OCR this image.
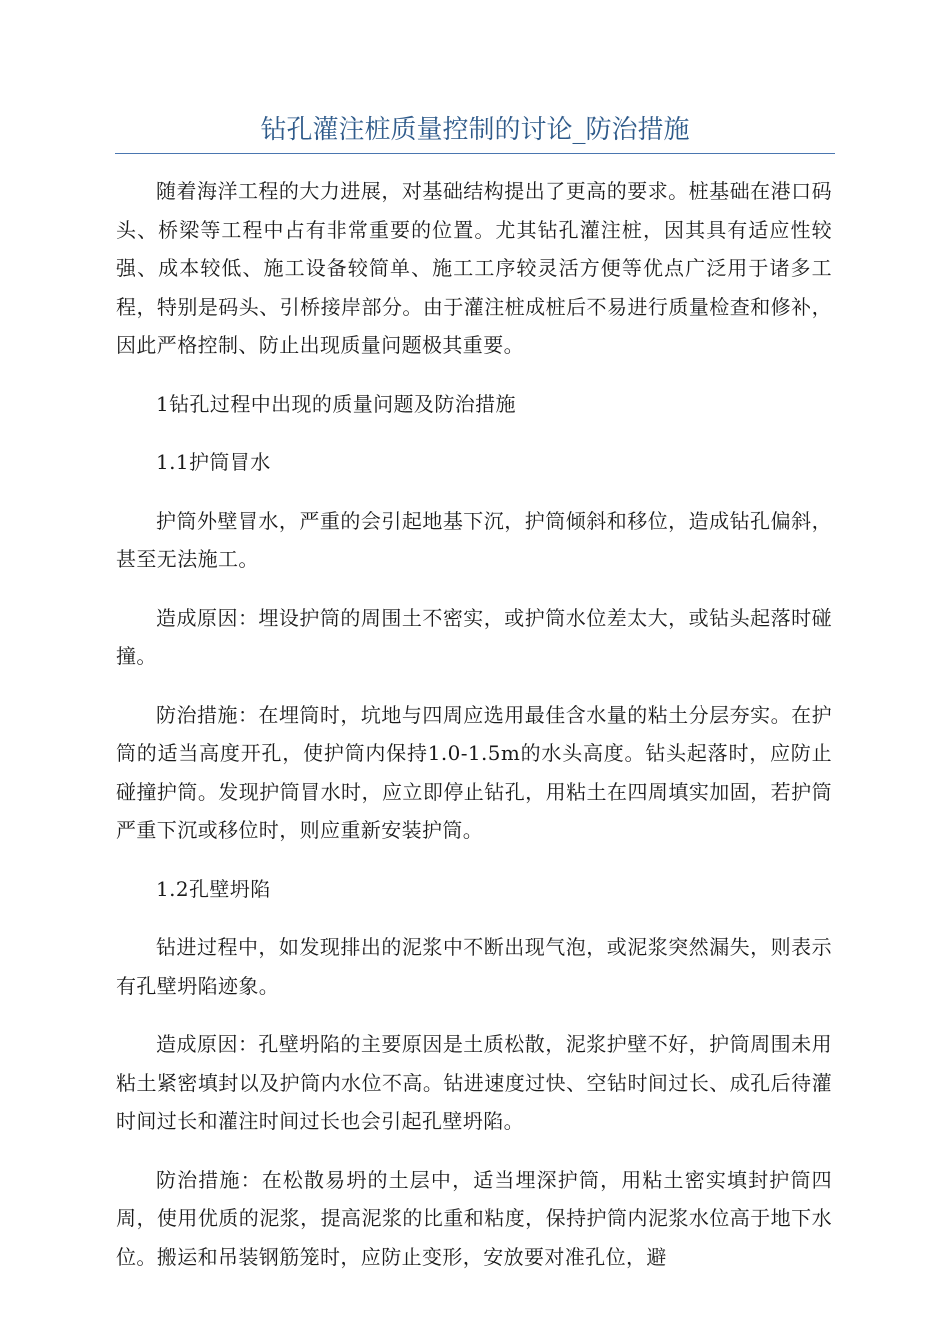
钻孔灌注桩质量控制的讨论_防治措施

随着海洋工程的大力进展，对基础结构提出了更高的要求。桩基础在港口码头、桥梁等工程中占有非常重要的位置。尤其钻孔灌注桩，因其具有适应性较强、成本较低、施工设备较简单、施工工序较灵活方便等优点广泛用于诸多工程，特别是码头、引桥接岸部分。由于灌注桩成桩后不易进行质量检查和修补，因此严格控制、防止出现质量问题极其重要。

1钻孔过程中出现的质量问题及防治措施

1.1护筒冒水

护筒外壁冒水，严重的会引起地基下沉，护筒倾斜和移位，造成钻孔偏斜，甚至无法施工。

造成原因：埋设护筒的周围土不密实，或护筒水位差太大，或钻头起落时碰撞。

防治措施：在埋筒时，坑地与四周应选用最佳含水量的粘土分层夯实。在护筒的适当高度开孔，使护筒内保持1.0-1.5m的水头高度。钻头起落时，应防止碰撞护筒。发现护筒冒水时，应立即停止钻孔，用粘土在四周填实加固，若护筒严重下沉或移位时，则应重新安装护筒。

1.2孔壁坍陷

钻进过程中，如发现排出的泥浆中不断出现气泡，或泥浆突然漏失，则表示有孔壁坍陷迹象。

造成原因：孔壁坍陷的主要原因是土质松散，泥浆护壁不好，护筒周围未用粘土紧密填封以及护筒内水位不高。钻进速度过快、空钻时间过长、成孔后待灌时间过长和灌注时间过长也会引起孔壁坍陷。

防治措施：在松散易坍的土层中，适当埋深护筒，用粘土密实填封护筒四周，使用优质的泥浆，提高泥浆的比重和粘度，保持护筒内泥浆水位高于地下水位。搬运和吊装钢筋笼时，应防止变形，安放要对准孔位，避
